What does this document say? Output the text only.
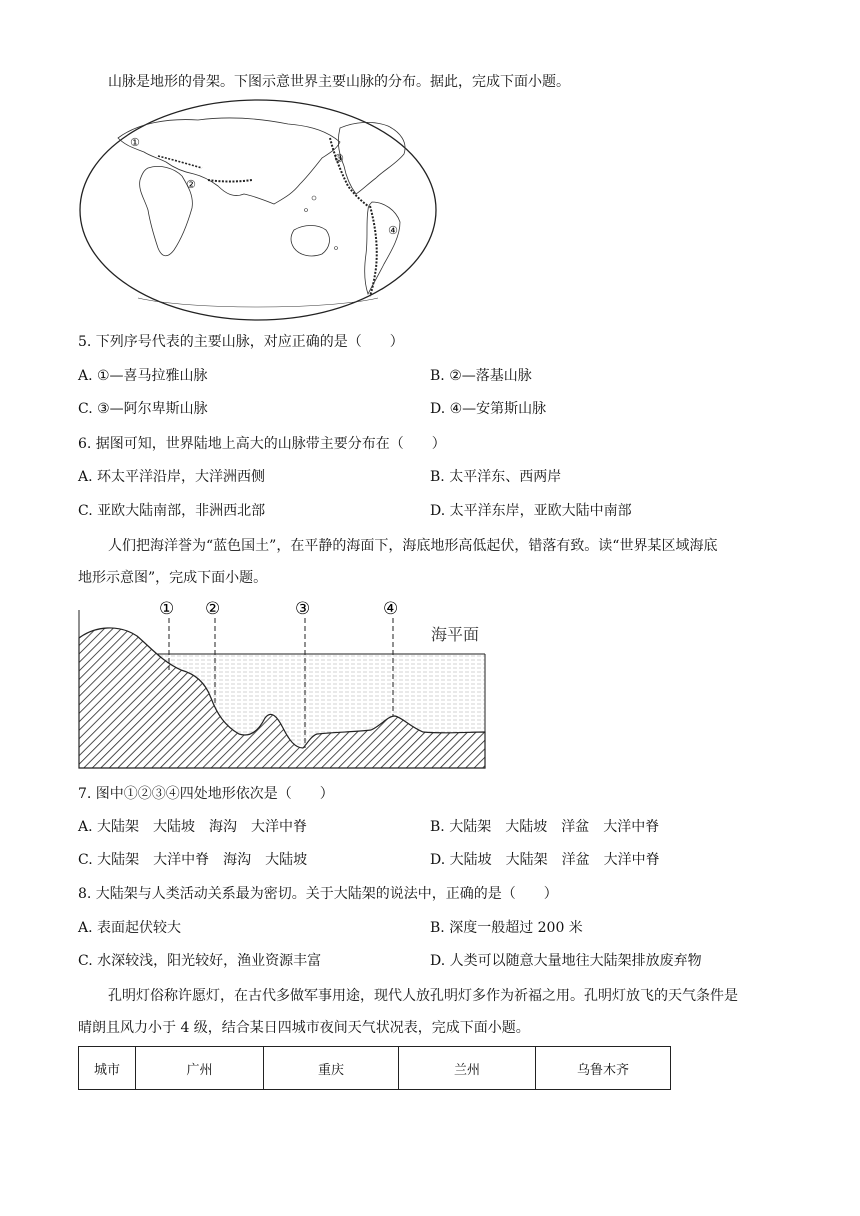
山脉是地形的骨架。下图示意世界主要山脉的分布。据此，完成下面小题。
①
②
③
④
5. 下列序号代表的主要山脉，对应正确的是（　　）
A. ①—喜马拉雅山脉	B. ②—落基山脉
C. ③—阿尔卑斯山脉	D. ④—安第斯山脉
6. 据图可知，世界陆地上高大的山脉带主要分布在（　　）
A. 环太平洋沿岸，大洋洲西侧	B. 太平洋东、西两岸
C. 亚欧大陆南部，非洲西北部	D. 太平洋东岸，亚欧大陆中南部
人们把海洋誉为“蓝色国土”，在平静的海面下，海底地形高低起伏，错落有致。读“世界某区域海底
地形示意图”，完成下面小题。
① ②	③	④
海平面
7. 图中①②③④四处地形依次是（　　）
A. 大陆架　大陆坡　海沟　大洋中脊	B. 大陆架　大陆坡　洋盆　大洋中脊
C. 大陆架　大洋中脊　海沟　大陆坡	D. 大陆坡　大陆架　洋盆　大洋中脊
8. 大陆架与人类活动关系最为密切。关于大陆架的说法中，正确的是（　　）
A. 表面起伏较大	B. 深度一般超过 200 米
C. 水深较浅，阳光较好，渔业资源丰富	D. 人类可以随意大量地往大陆架排放废弃物
孔明灯俗称许愿灯，在古代多做军事用途，现代人放孔明灯多作为祈福之用。孔明灯放飞的天气条件是
晴朗且风力小于 4 级，结合某日四城市夜间天气状况表，完成下面小题。
城市	广州	重庆	兰州	乌鲁木齐
